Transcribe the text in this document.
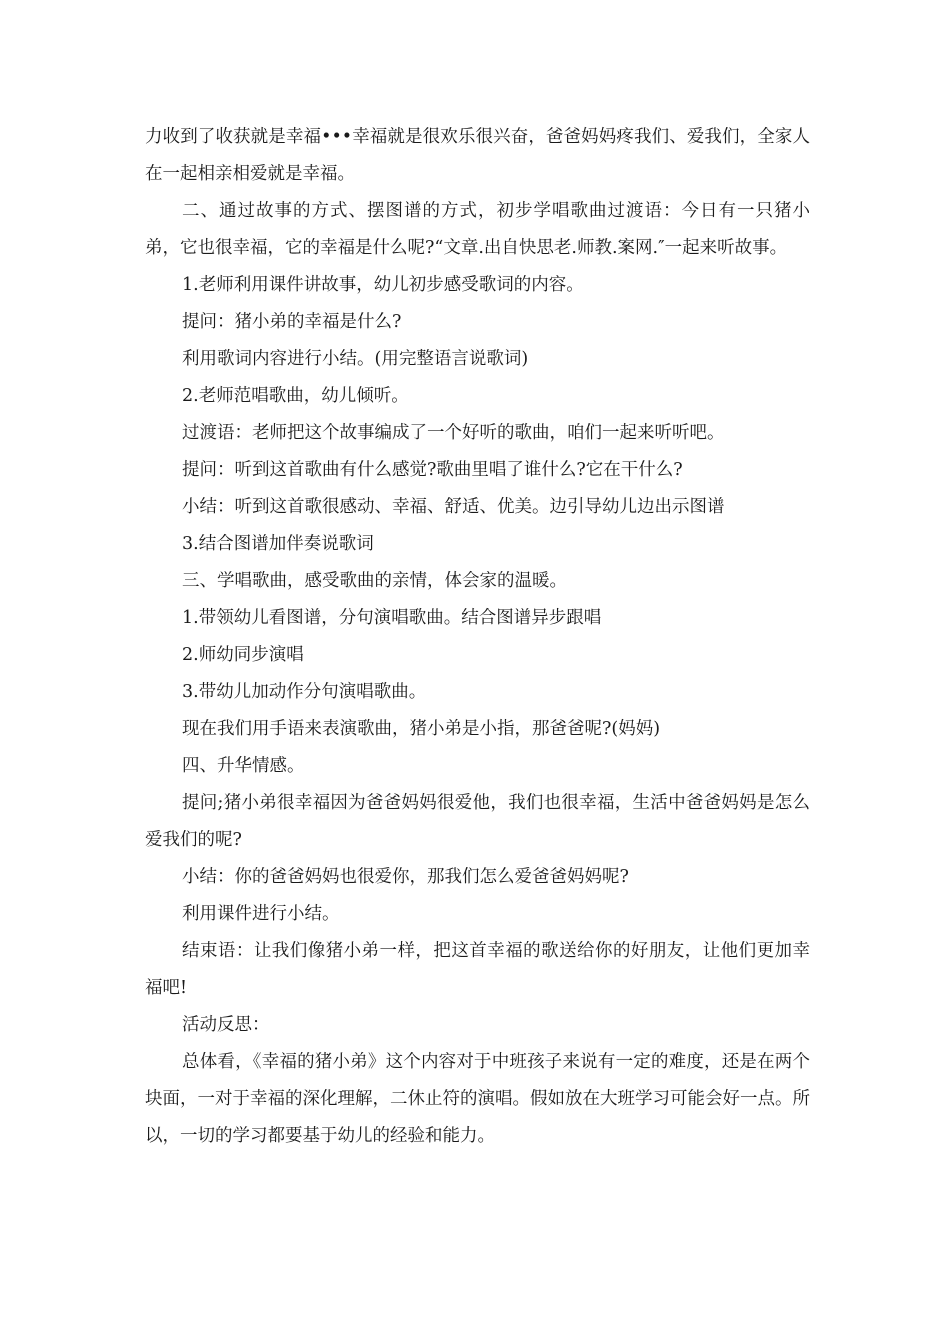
力收到了收获就是幸福•••幸福就是很欢乐很兴奋，爸爸妈妈疼我们、爱我们，全家人在一起相亲相爱就是幸福。

二、通过故事的方式、摆图谱的方式，初步学唱歌曲过渡语：今日有一只猪小弟，它也很幸福，它的幸福是什么呢?“文章.出自快思老.师教.案网.″一起来听故事。

1.老师利用课件讲故事，幼儿初步感受歌词的内容。

提问：猪小弟的幸福是什么?

利用歌词内容进行小结。(用完整语言说歌词)

2.老师范唱歌曲，幼儿倾听。

过渡语：老师把这个故事编成了一个好听的歌曲，咱们一起来听听吧。

提问：听到这首歌曲有什么感觉?歌曲里唱了谁什么?它在干什么?

小结：听到这首歌很感动、幸福、舒适、优美。边引导幼儿边出示图谱

3.结合图谱加伴奏说歌词

三、学唱歌曲，感受歌曲的亲情，体会家的温暖。

1.带领幼儿看图谱，分句演唱歌曲。结合图谱异步跟唱

2.师幼同步演唱

3.带幼儿加动作分句演唱歌曲。

现在我们用手语来表演歌曲，猪小弟是小指，那爸爸呢?(妈妈)

四、升华情感。

提问;猪小弟很幸福因为爸爸妈妈很爱他，我们也很幸福，生活中爸爸妈妈是怎么爱我们的呢?

小结：你的爸爸妈妈也很爱你，那我们怎么爱爸爸妈妈呢?

利用课件进行小结。

结束语：让我们像猪小弟一样，把这首幸福的歌送给你的好朋友，让他们更加幸福吧!

活动反思：

总体看，《幸福的猪小弟》这个内容对于中班孩子来说有一定的难度，还是在两个块面，一对于幸福的深化理解，二休止符的演唱。假如放在大班学习可能会好一点。所以，一切的学习都要基于幼儿的经验和能力。
